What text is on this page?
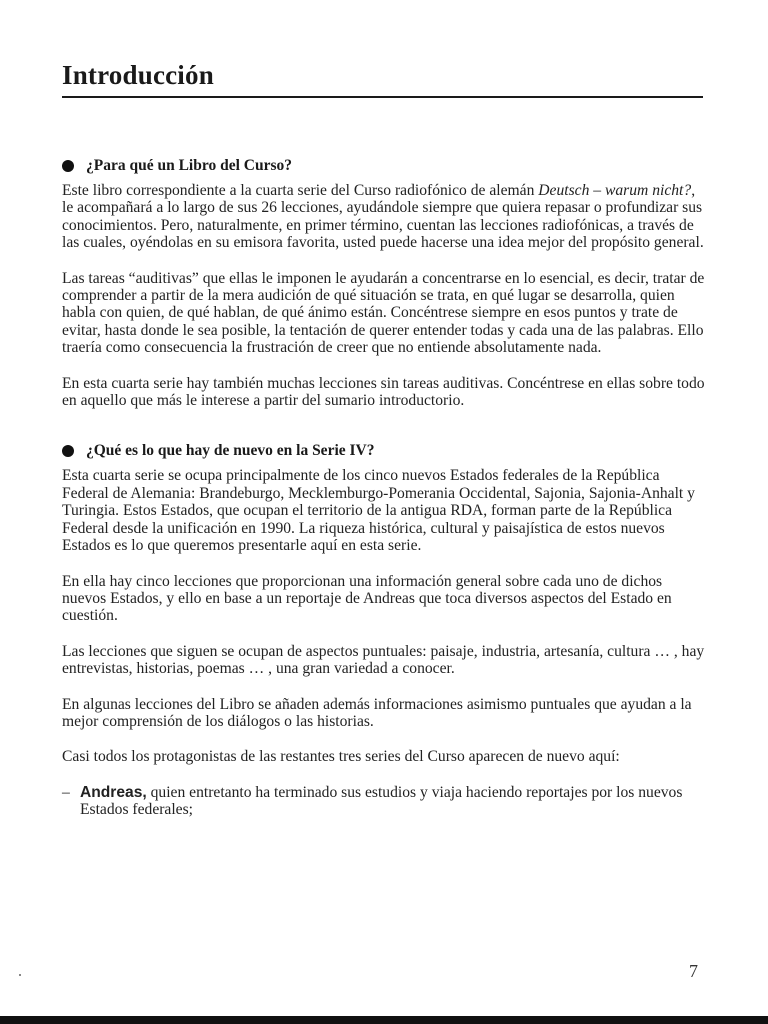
Introducción
¿Para qué un Libro del Curso?

Este libro correspondiente a la cuarta serie del Curso radiofónico de alemán Deutsch – warum nicht?, le acompañará a lo largo de sus 26 lecciones, ayudándole siempre que quiera repasar o profundizar sus conocimientos. Pero, naturalmente, en primer término, cuentan las lecciones radiofónicas, a través de las cuales, oyéndolas en su emisora favorita, usted puede hacerse una idea mejor del propósito general.

Las tareas “auditivas” que ellas le imponen le ayudarán a concentrarse en lo esencial, es decir, tratar de comprender a partir de la mera audición de qué situación se trata, en qué lugar se desarrolla, quien habla con quien, de qué hablan, de qué ánimo están. Concéntrese siempre en esos puntos y trate de evitar, hasta donde le sea posible, la tentación de querer entender todas y cada una de las palabras. Ello traería como consecuencia la frustración de creer que no entiende absolutamente nada.

En esta cuarta serie hay también muchas lecciones sin tareas auditivas. Concéntrese en ellas sobre todo en aquello que más le interese a partir del sumario introductorio.

¿Qué es lo que hay de nuevo en la Serie IV?

Esta cuarta serie se ocupa principalmente de los cinco nuevos Estados federales de la República Federal de Alemania: Brandeburgo, Mecklemburgo-Pomerania Occidental, Sajonia, Sajonia-Anhalt y Turingia. Estos Estados, que ocupan el territorio de la antigua RDA, forman parte de la República Federal desde la unificación en 1990. La riqueza histórica, cultural y paisajística de estos nuevos Estados es lo que queremos presentarle aquí en esta serie.

En ella hay cinco lecciones que proporcionan una información general sobre cada uno de dichos nuevos Estados, y ello en base a un reportaje de Andreas que toca diversos aspectos del Estado en cuestión.

Las lecciones que siguen se ocupan de aspectos puntuales: paisaje, industria, artesanía, cultura … , hay entrevistas, historias, poemas … , una gran variedad a conocer.

En algunas lecciones del Libro se añaden además informaciones asimismo puntuales que ayudan a la mejor comprensión de los diálogos o las historias.

Casi todos los protagonistas de las restantes tres series del Curso aparecen de nuevo aquí:

– Andreas, quien entretanto ha terminado sus estudios y viaja haciendo reportajes por los nuevos Estados federales;
7
